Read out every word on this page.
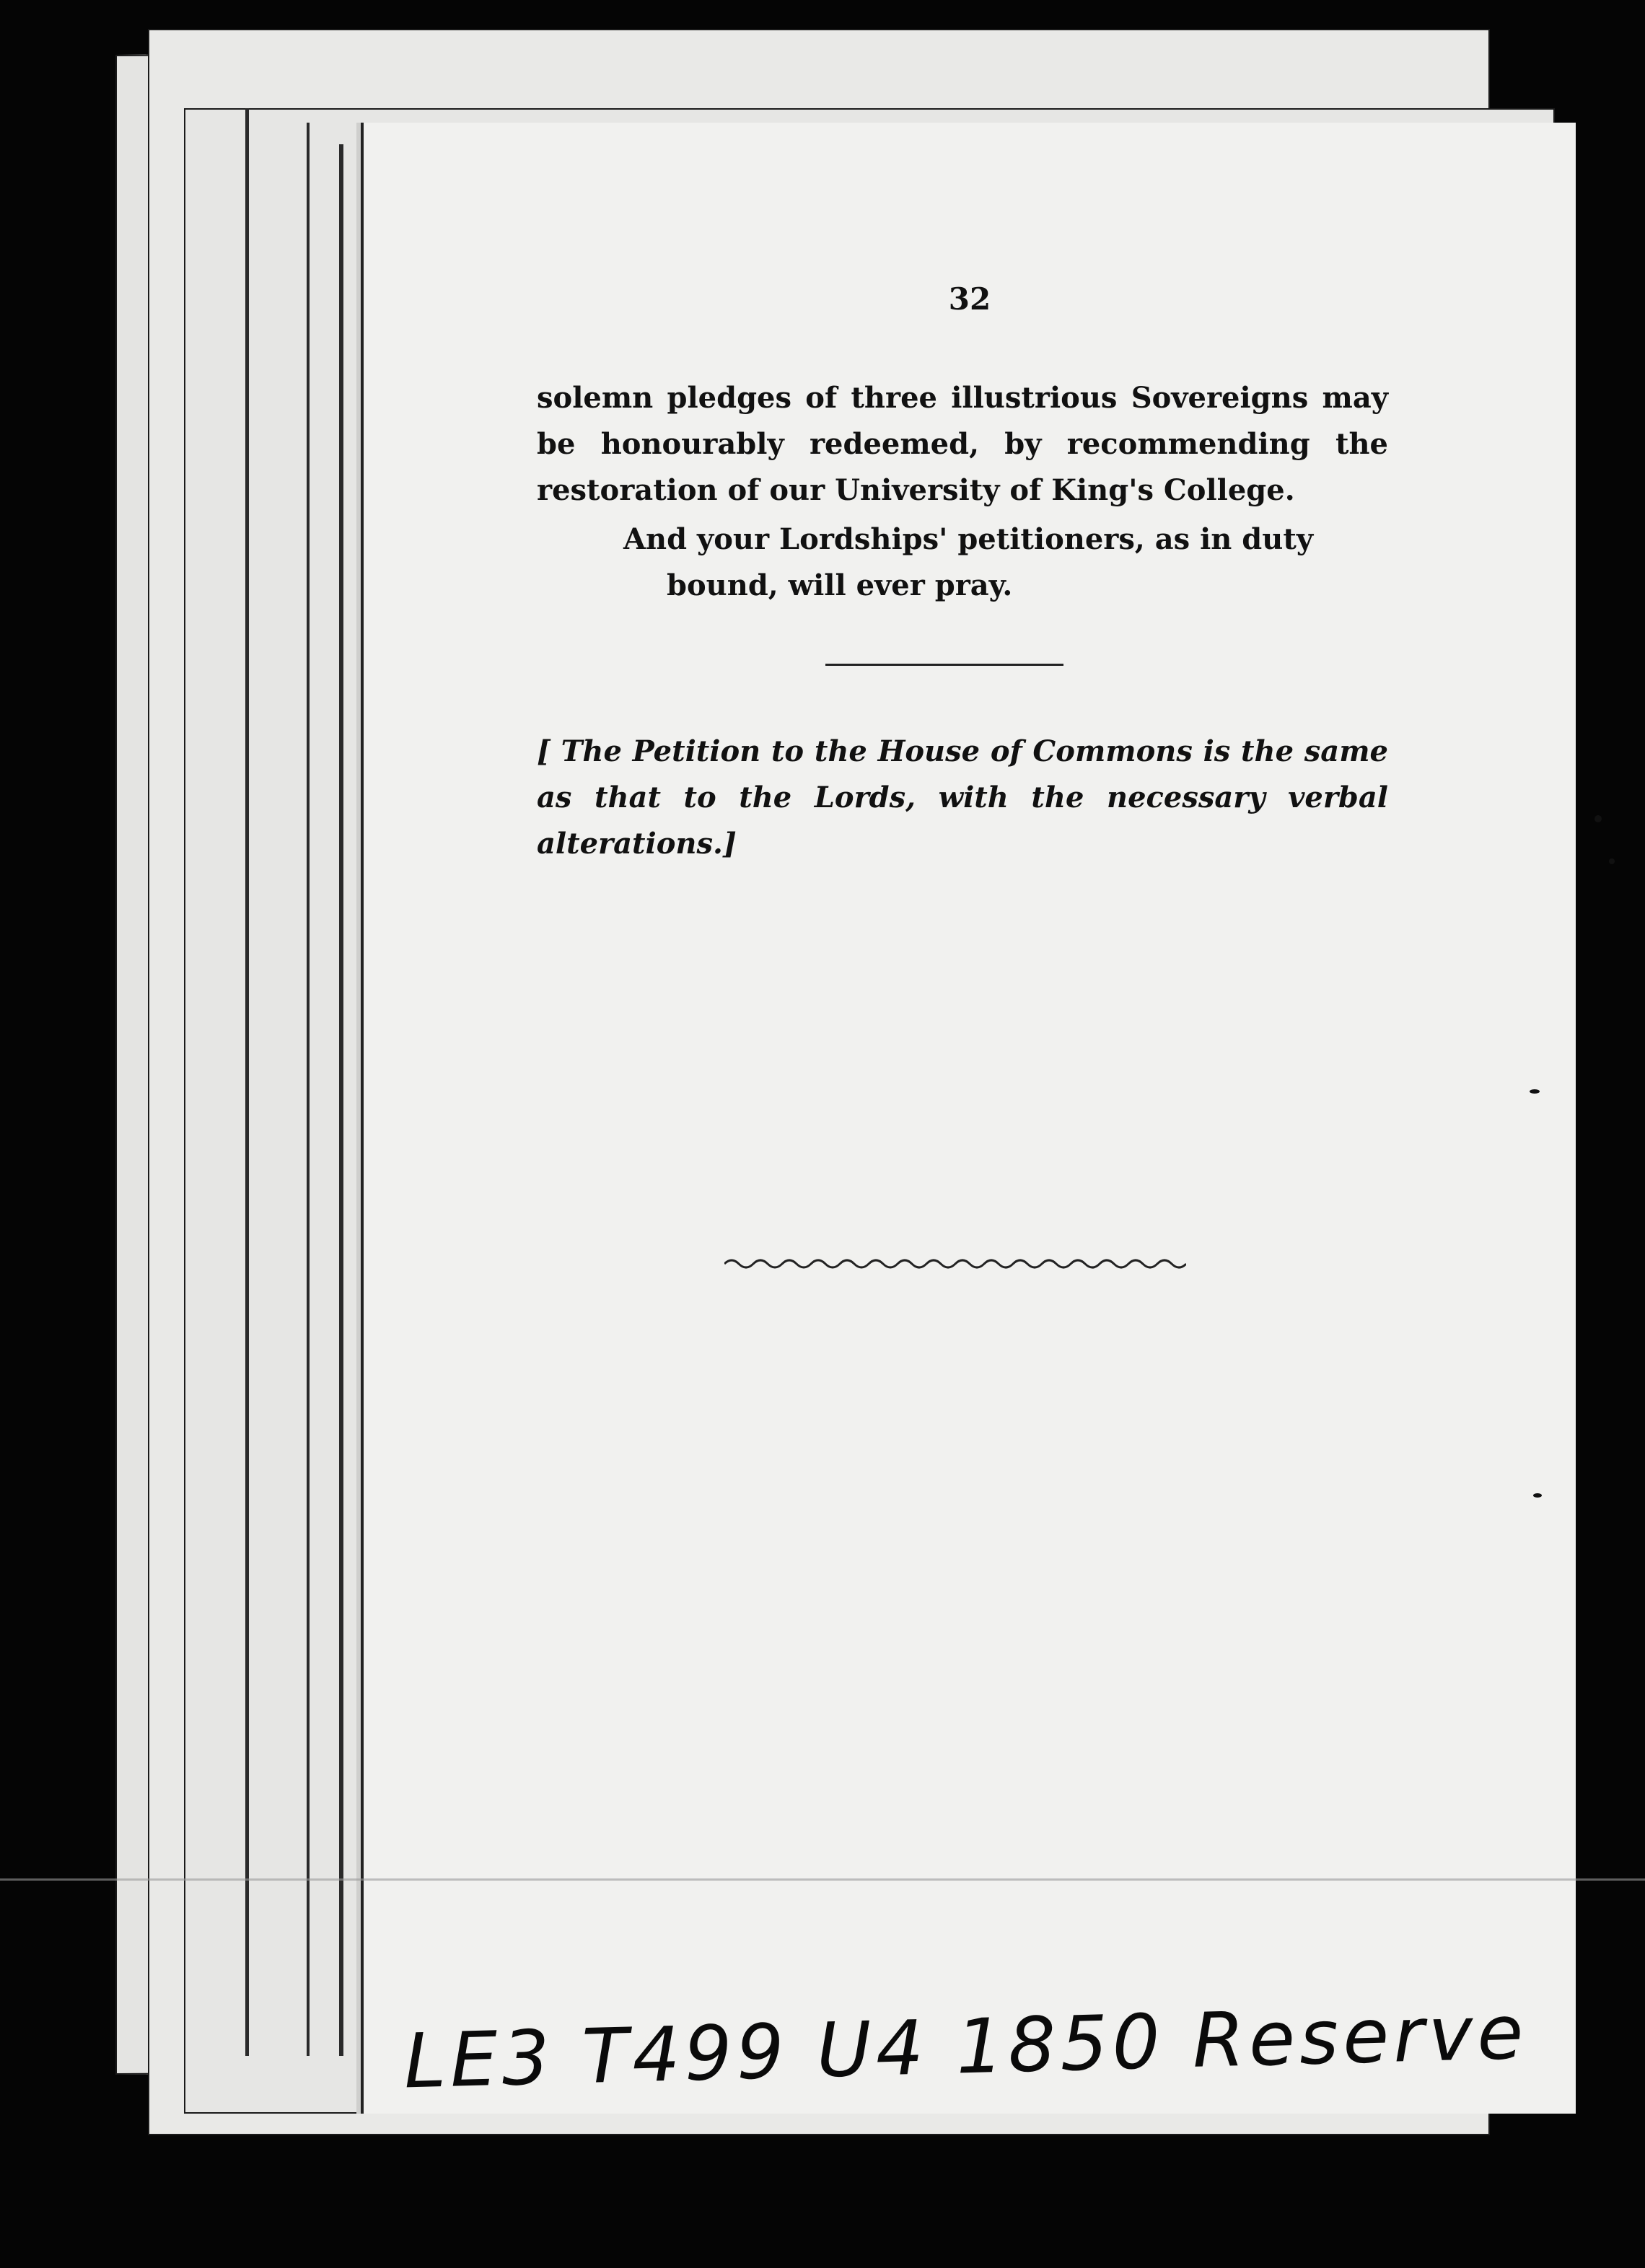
32

solemn pledges of three illustrious Sovereigns may be honourably redeemed, by recommending the restoration of our University of King's College.

And your Lordships' petitioners, as in duty

bound, will ever pray.

[ The Petition to the House of Commons is the same as that to the Lords, with the necessary verbal alterations.]
LE3 T499 U4 1850 Reserve
